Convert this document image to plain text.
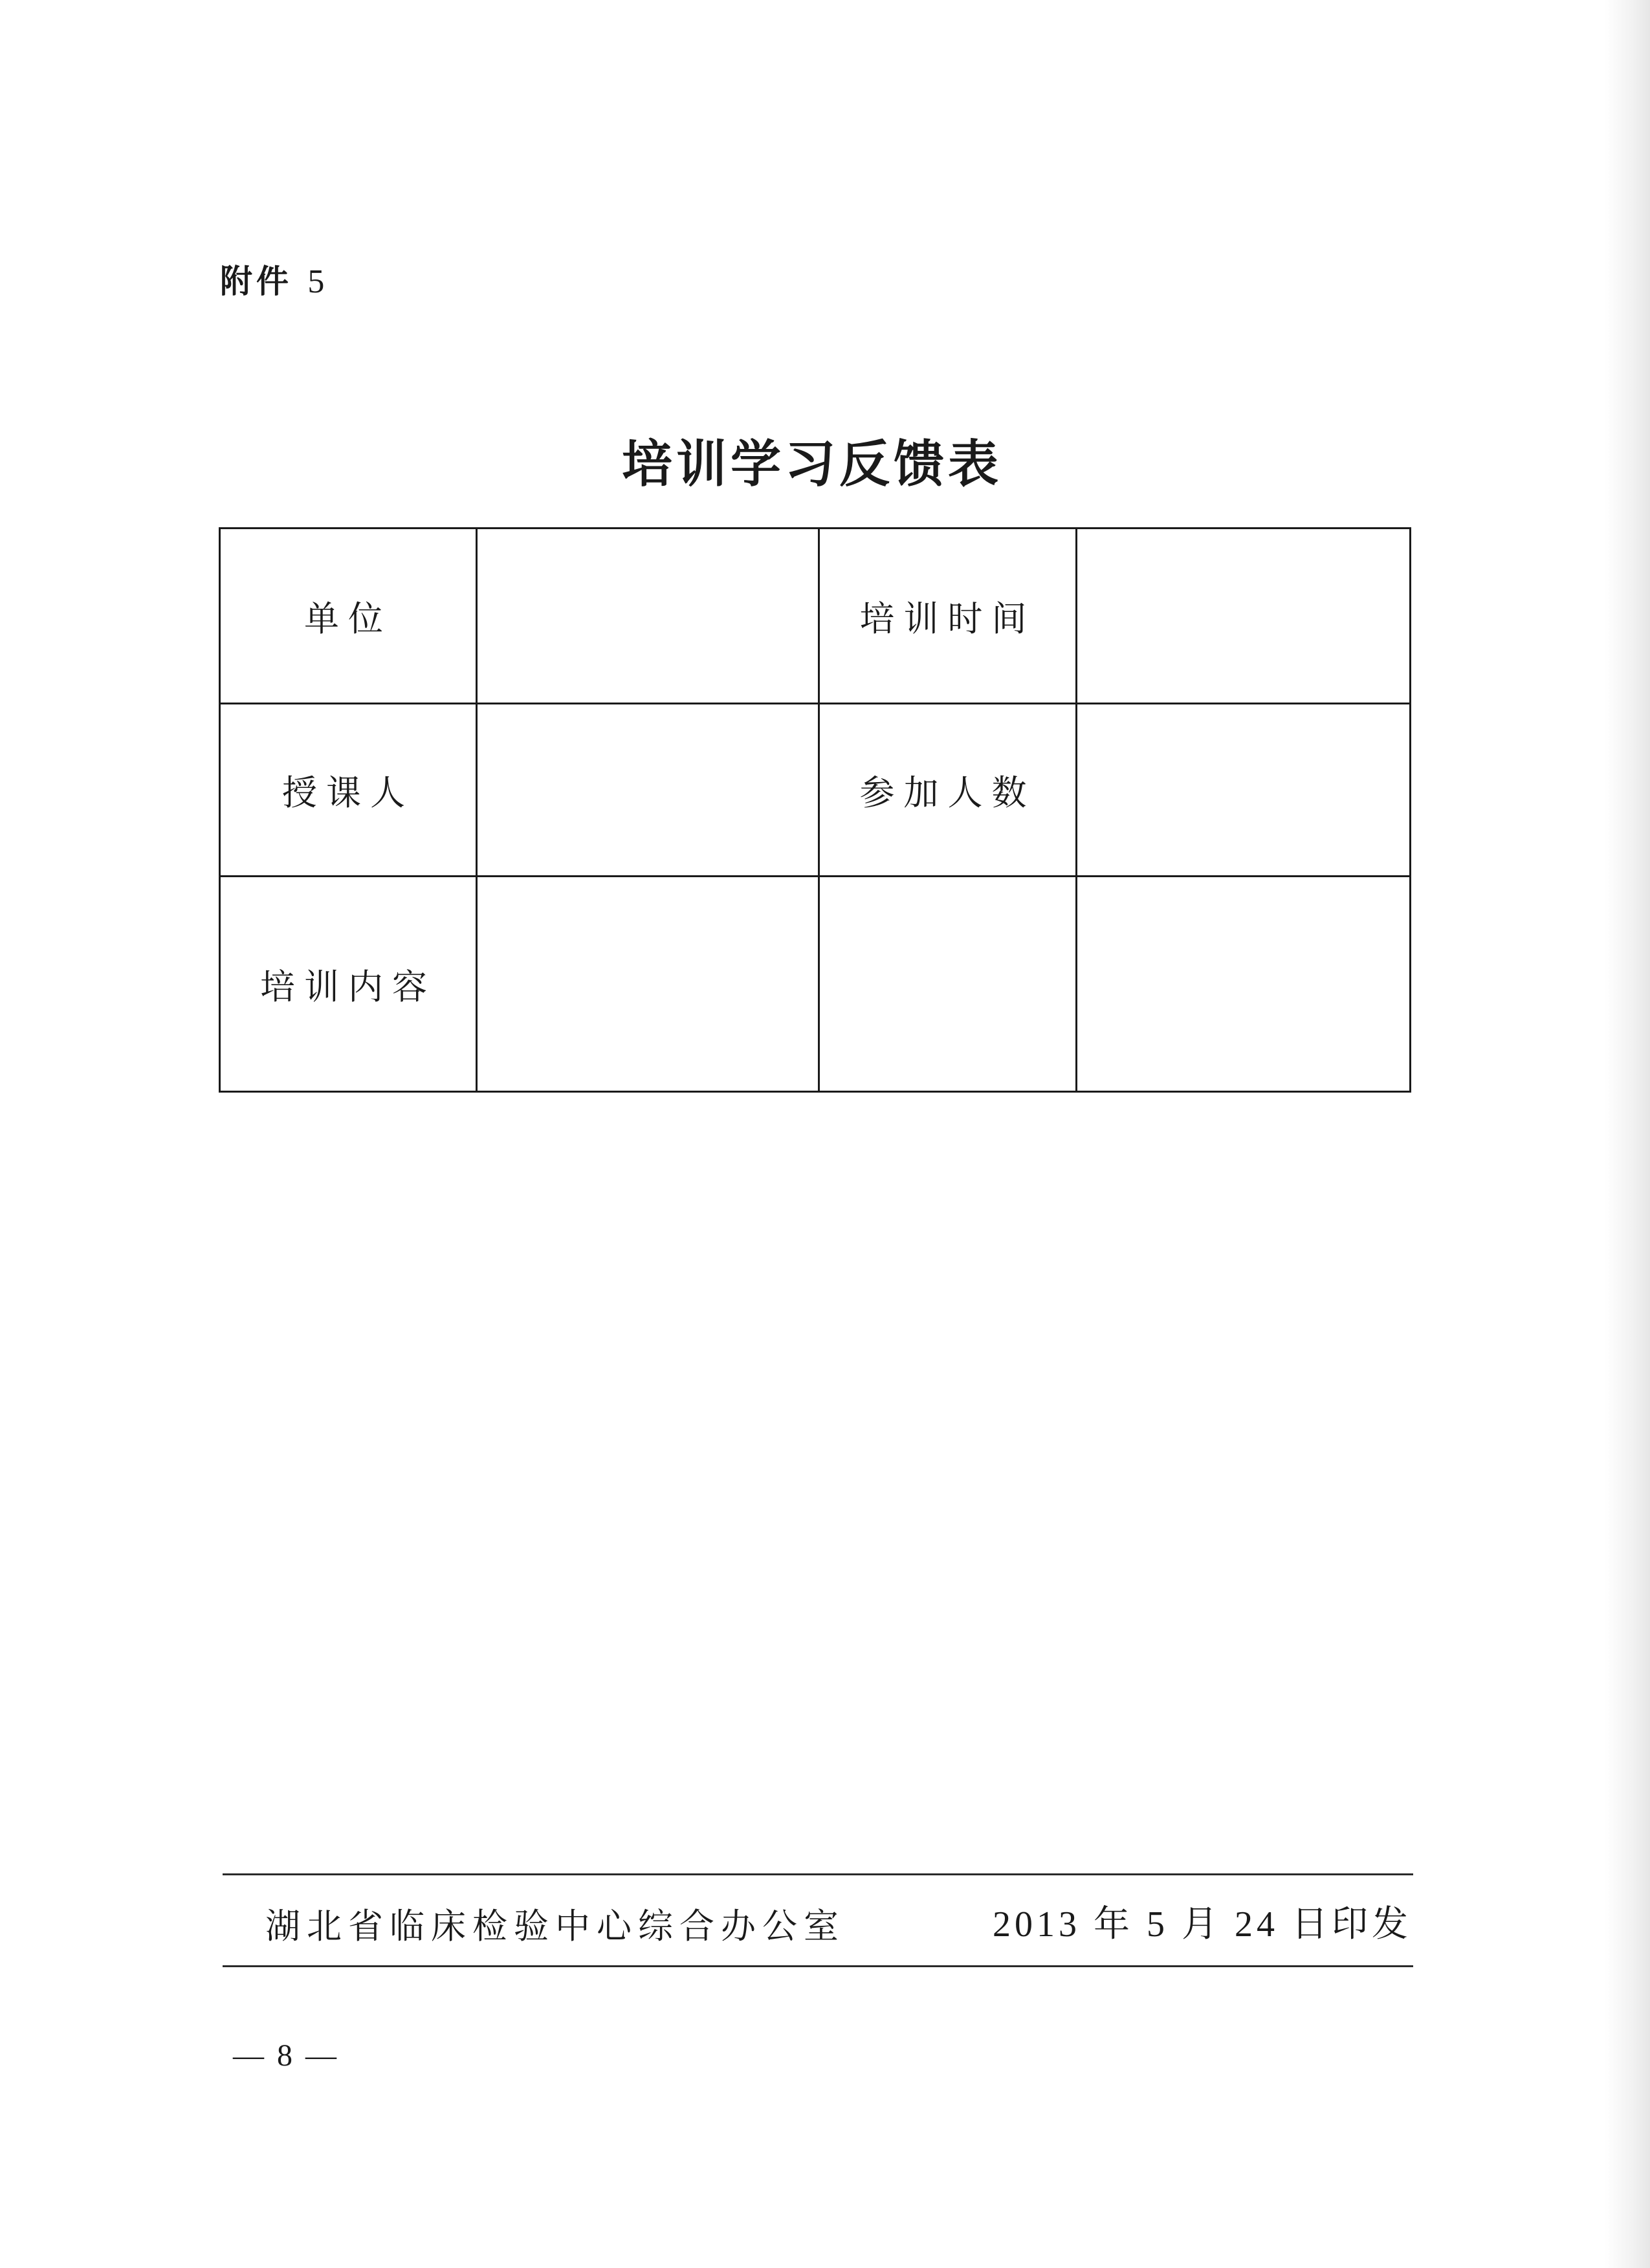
附件 5
培训学习反馈表
单位		培训时间	
授课人		参加人数	
培训内容			
湖北省临床检验中心综合办公室	2013 年 5 月 24 日印发
— 8 —
